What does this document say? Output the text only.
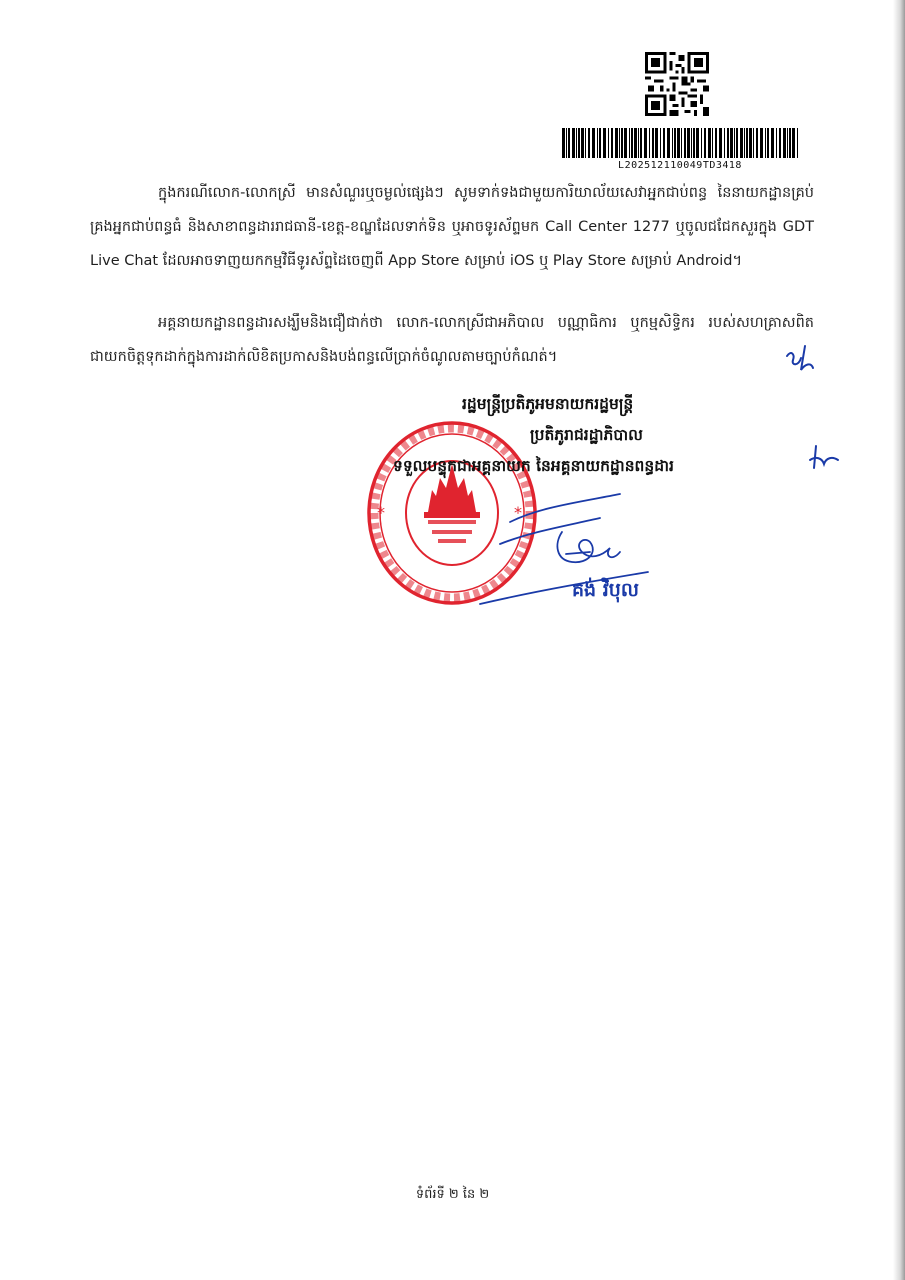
L202512110049TD3418

ក្នុងករណីលោក-លោកស្រី មានសំណួរឬចម្ងល់ផ្សេងៗ សូមទាក់ទងជាមួយការិយាល័យសេវាអ្នកជាប់ពន្ធ នៃនាយកដ្ឋានគ្រប់គ្រងអ្នកជាប់ពន្ធធំ និងសាខាពន្ធដាររាជធានី-ខេត្ត-ខណ្ឌដែលទាក់ទិន ឬអាចទូរស័ព្ទមក Call Center 1277 ឬចូលជជែកសួរក្នុង GDT Live Chat ដែលអាចទាញយកកម្មវិធីទូរស័ព្ទដៃចេញពី App Store សម្រាប់ iOS ឬ Play Store សម្រាប់ Android។

អគ្គនាយកដ្ឋានពន្ធដារសង្ឃឹមនិងជឿជាក់ថា លោក-លោកស្រីជាអភិបាល បណ្ណាធិការ ឬកម្មសិទ្ធិករ របស់សហគ្រាសពិតជាយកចិត្តទុកដាក់ក្នុងការដាក់លិខិតប្រកាសនិងបង់ពន្ធលើប្រាក់ចំណូលតាមច្បាប់កំណត់។

*	*
រដ្ឋមន្ត្រីប្រតិភូអមនាយករដ្ឋមន្ត្រី
ប្រតិភូរាជរដ្ឋាភិបាល
ទទួលបន្ទុកជាអគ្គនាយក នៃអគ្គនាយកដ្ឋានពន្ធដារ
គង់ វិបុល
ទំព័រទី ២ នៃ ២
